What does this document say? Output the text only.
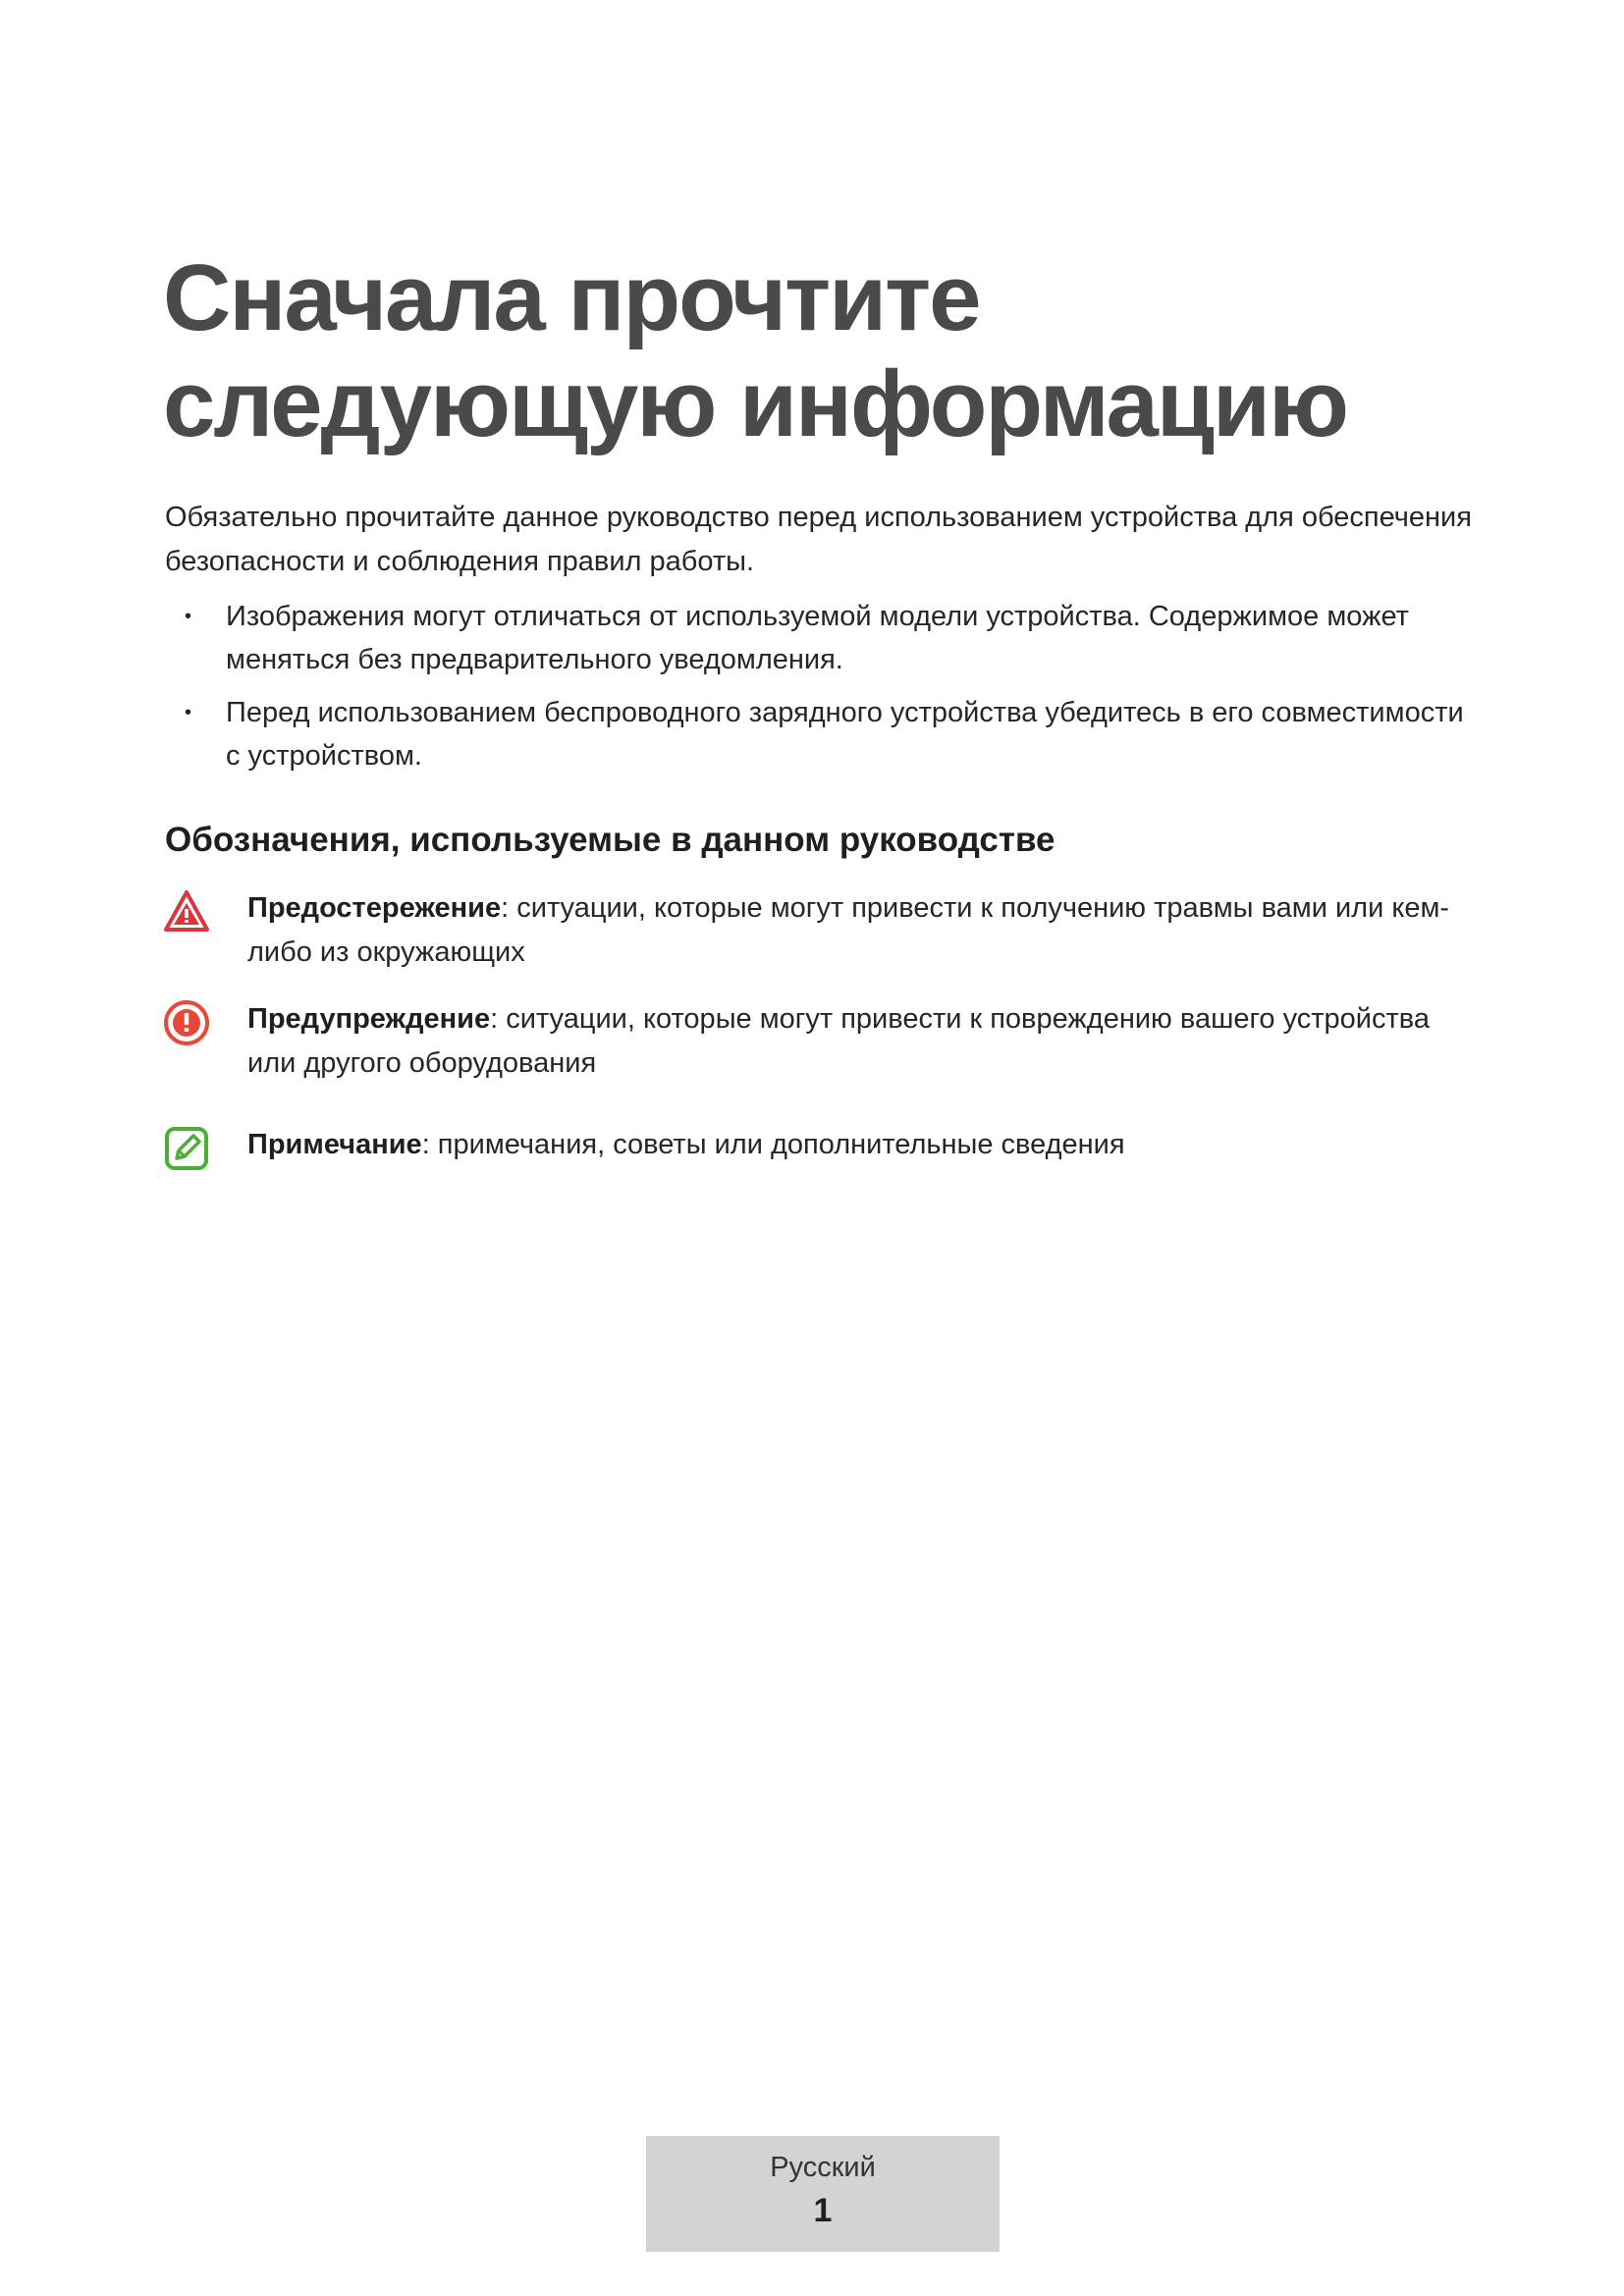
Сначала прочтите следующую информацию

Обязательно прочитайте данное руководство перед использованием устройства для обеспечения безопасности и соблюдения правил работы.

• Изображения могут отличаться от используемой модели устройства. Содержимое может меняться без предварительного уведомления.
• Перед использованием беспроводного зарядного устройства убедитесь в его совместимости с устройством.
Обозначения, используемые в данном руководстве

Предостережение: ситуации, которые могут привести к получению травмы вами или кем-либо из окружающих

Предупреждение: ситуации, которые могут привести к повреждению вашего устройства или другого оборудования

Примечание: примечания, советы или дополнительные сведения

Русский
1
